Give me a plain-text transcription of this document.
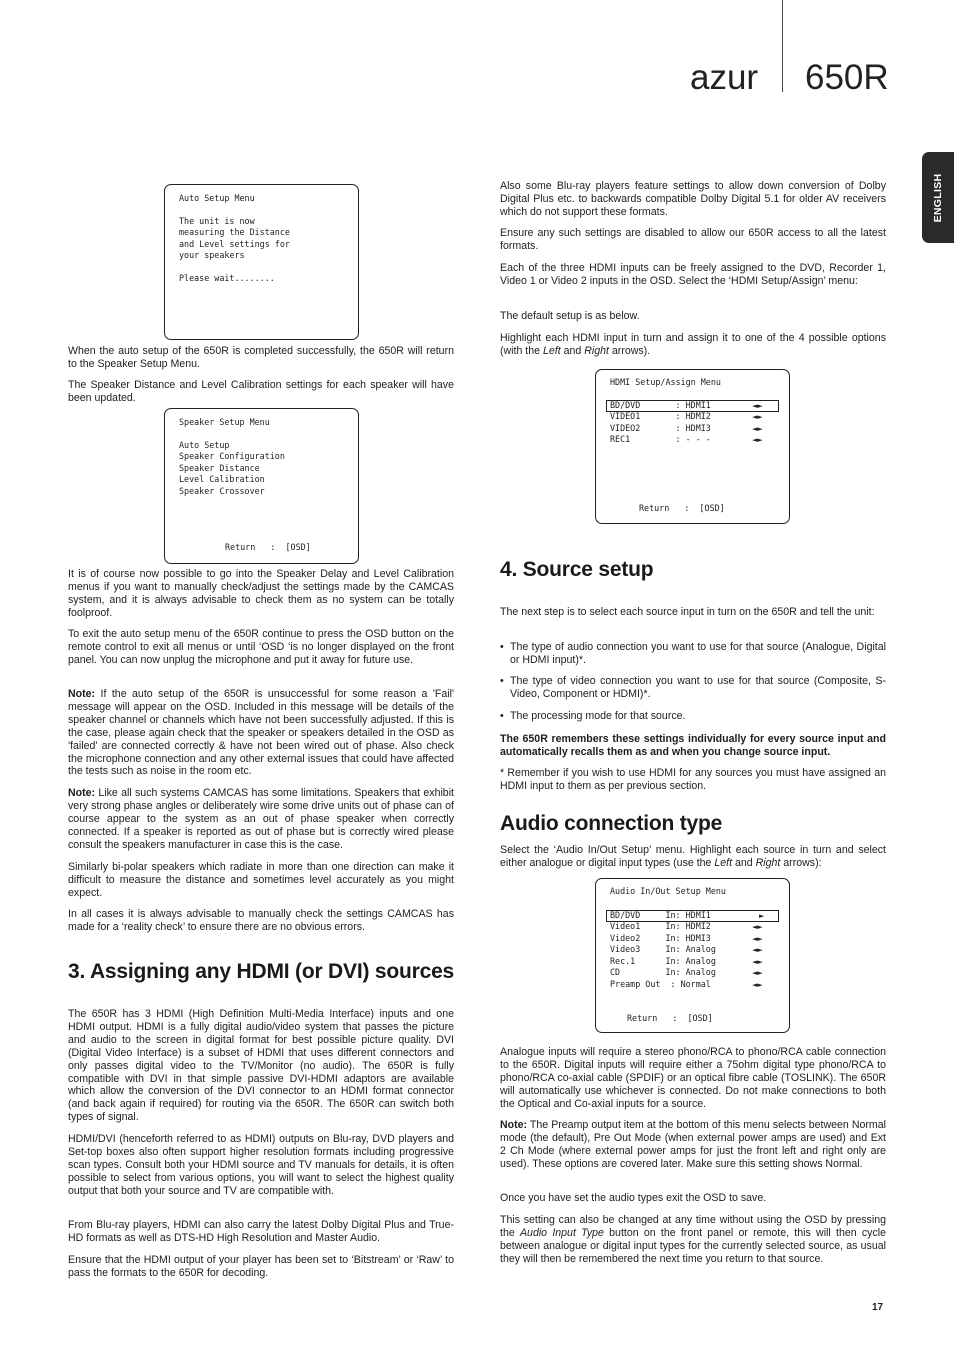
azur 650R
ENGLISH
Auto Setup Menu
The unit is now
measuring the Distance
and Level settings for
your speakers
Please wait........
Speaker Setup Menu
Auto Setup
Speaker Configuration
Speaker Distance
Level Calibration
Speaker Crossover
Return   :  [OSD]

When the auto setup of the 650R is completed successfully, the 650R will return to the Speaker Setup Menu.

The Speaker Distance and Level Calibration settings for each speaker will have been updated.

It is of course now possible to go into the Speaker Delay and Level Calibration menus if you want to manually check/adjust the settings made by the CAMCAS system, and it is always advisable to check them as no system can be totally foolproof.

To exit the auto setup menu of the 650R continue to press the OSD button on the remote control to exit all menus or until ‘OSD ‘is no longer displayed on the front panel. You can now unplug the microphone and put it away for future use.

Note: If the auto setup of the 650R is unsuccessful for some reason a 'Fail' message will appear on the OSD. Included in this message will be details of the speaker channel or channels which have not been successfully adjusted. If this is the case, please again check that the speaker or speakers detailed in the OSD as 'failed' are connected correctly & have not been wired out of phase. Also check the microphone connection and any other external issues that could have affected the tests such as noise in the room etc.

Note: Like all such systems CAMCAS has some limitations. Speakers that exhibit very strong phase angles or deliberately wire some drive units out of phase can of course appear to the system as an out of phase speaker when correctly connected. If a speaker is reported as out of phase but is correctly wired please consult the speakers manufacturer in case this is the case.

Similarly bi-polar speakers which radiate in more than one direction can make it difficult to measure the distance and sometimes level accurately as you might expect.

In all cases it is always advisable to manually check the settings CAMCAS has made for a ‘reality check’ to ensure there are no obvious errors.

The 650R has 3 HDMI (High Definition Multi-Media Interface) inputs and one HDMI output. HDMI is a fully digital audio/video system that passes the picture and audio to the screen in digital format for best possible picture quality. DVI (Digital Video Interface) is a subset of HDMI that uses different connectors and only passes digital video to the TV/Monitor (no audio). The 650R is fully compatible with DVI in that simple passive DVI-HDMI adaptors are available which allow the conversion of the DVI connector to an HDMI format connector (and back again if required) for routing via the 650R. The 650R can switch both types of signal.

HDMI/DVI (henceforth referred to as HDMI) outputs on Blu-ray, DVD players and Set-top boxes also often support higher resolution formats including progressive scan types. Consult both your HDMI source and TV manuals for details, it is often possible to select from various options, you will want to select the highest quality output that both your source and TV are compatible with.

From Blu-ray players, HDMI can also carry the latest Dolby Digital Plus and True-HD formats as well as DTS-HD High Resolution and Master Audio.

Ensure that the HDMI output of your player has been set to ‘Bitstream’ or ‘Raw’ to pass the formats to the 650R for decoding.

3. Assigning any HDMI (or DVI) sources

Also some Blu-ray players feature settings to allow down conversion of Dolby Digital Plus etc. to backwards compatible Dolby Digital 5.1 for older AV receivers which do not support these formats.

Ensure any such settings are disabled to allow our 650R access to all the latest formats.

Each of the three HDMI inputs can be freely assigned to the DVD, Recorder 1, Video 1 or Video 2 inputs in the OSD. Select the ‘HDMI Setup/Assign’ menu:

The default setup is as below.

Highlight each HDMI input in turn and assign it to one of the 4 possible options (with the Left and Right arrows).

The next step is to select each source input in turn on the 650R and tell the unit:

• The type of audio connection you want to use for that source (Analogue, Digital or HDMI input)*.
• The type of video connection you want to use for that source (Composite, S-Video, Component or HDMI)*.
• The processing mode for that source.

The 650R remembers these settings individually for every source input and automatically recalls them as and when you change source input.

* Remember if you wish to use HDMI for any sources you must have assigned an HDMI input to them as per previous section.

Select the ‘Audio In/Out Setup’ menu. Highlight each source in turn and select either analogue or digital input types (use the Left and Right arrows):

Analogue inputs will require a stereo phono/RCA to phono/RCA cable connection to the 650R. Digital inputs will require either a 75ohm digital type phono/RCA to phono/RCA co-axial cable (SPDIF) or an optical fibre cable (TOSLINK). The 650R will automatically use whichever is connected. Do not make connections to both the Optical and Co-axial inputs for a source.

Note: The Preamp output item at the bottom of this menu selects between Normal mode (the default), Pre Out Mode (when external power amps are used) and Ext 2 Ch Mode (where external power amps for just the front left and right only are used). These options are covered later. Make sure this setting shows Normal.

Once you have set the audio types exit the OSD to save.

This setting can also be changed at any time without using the OSD by pressing the Audio Input Type button on the front panel or remote, this will then cycle between analogue or digital input types for the currently selected source, as usual they will then be remembered the next time you return to that source.

4. Source setup
Audio connection type
HDMI Setup/Assign Menu
BD/DVD       : HDMI1
VIDEO1       : HDMI2
VIDEO2       : HDMI3
REC1         : - - -
◄►
◄►
◄►
◄►
Return   :  [OSD]
Audio In/Out Setup Menu
BD/DVD     In: HDMI1
Video1     In: HDMI2
Video2     In: HDMI3
Video3     In: Analog
Rec.1      In: Analog
CD         In: Analog
Preamp Out  : Normal
►
◄►
◄►
◄►
◄►
◄►
◄►
Return   :  [OSD]
17
